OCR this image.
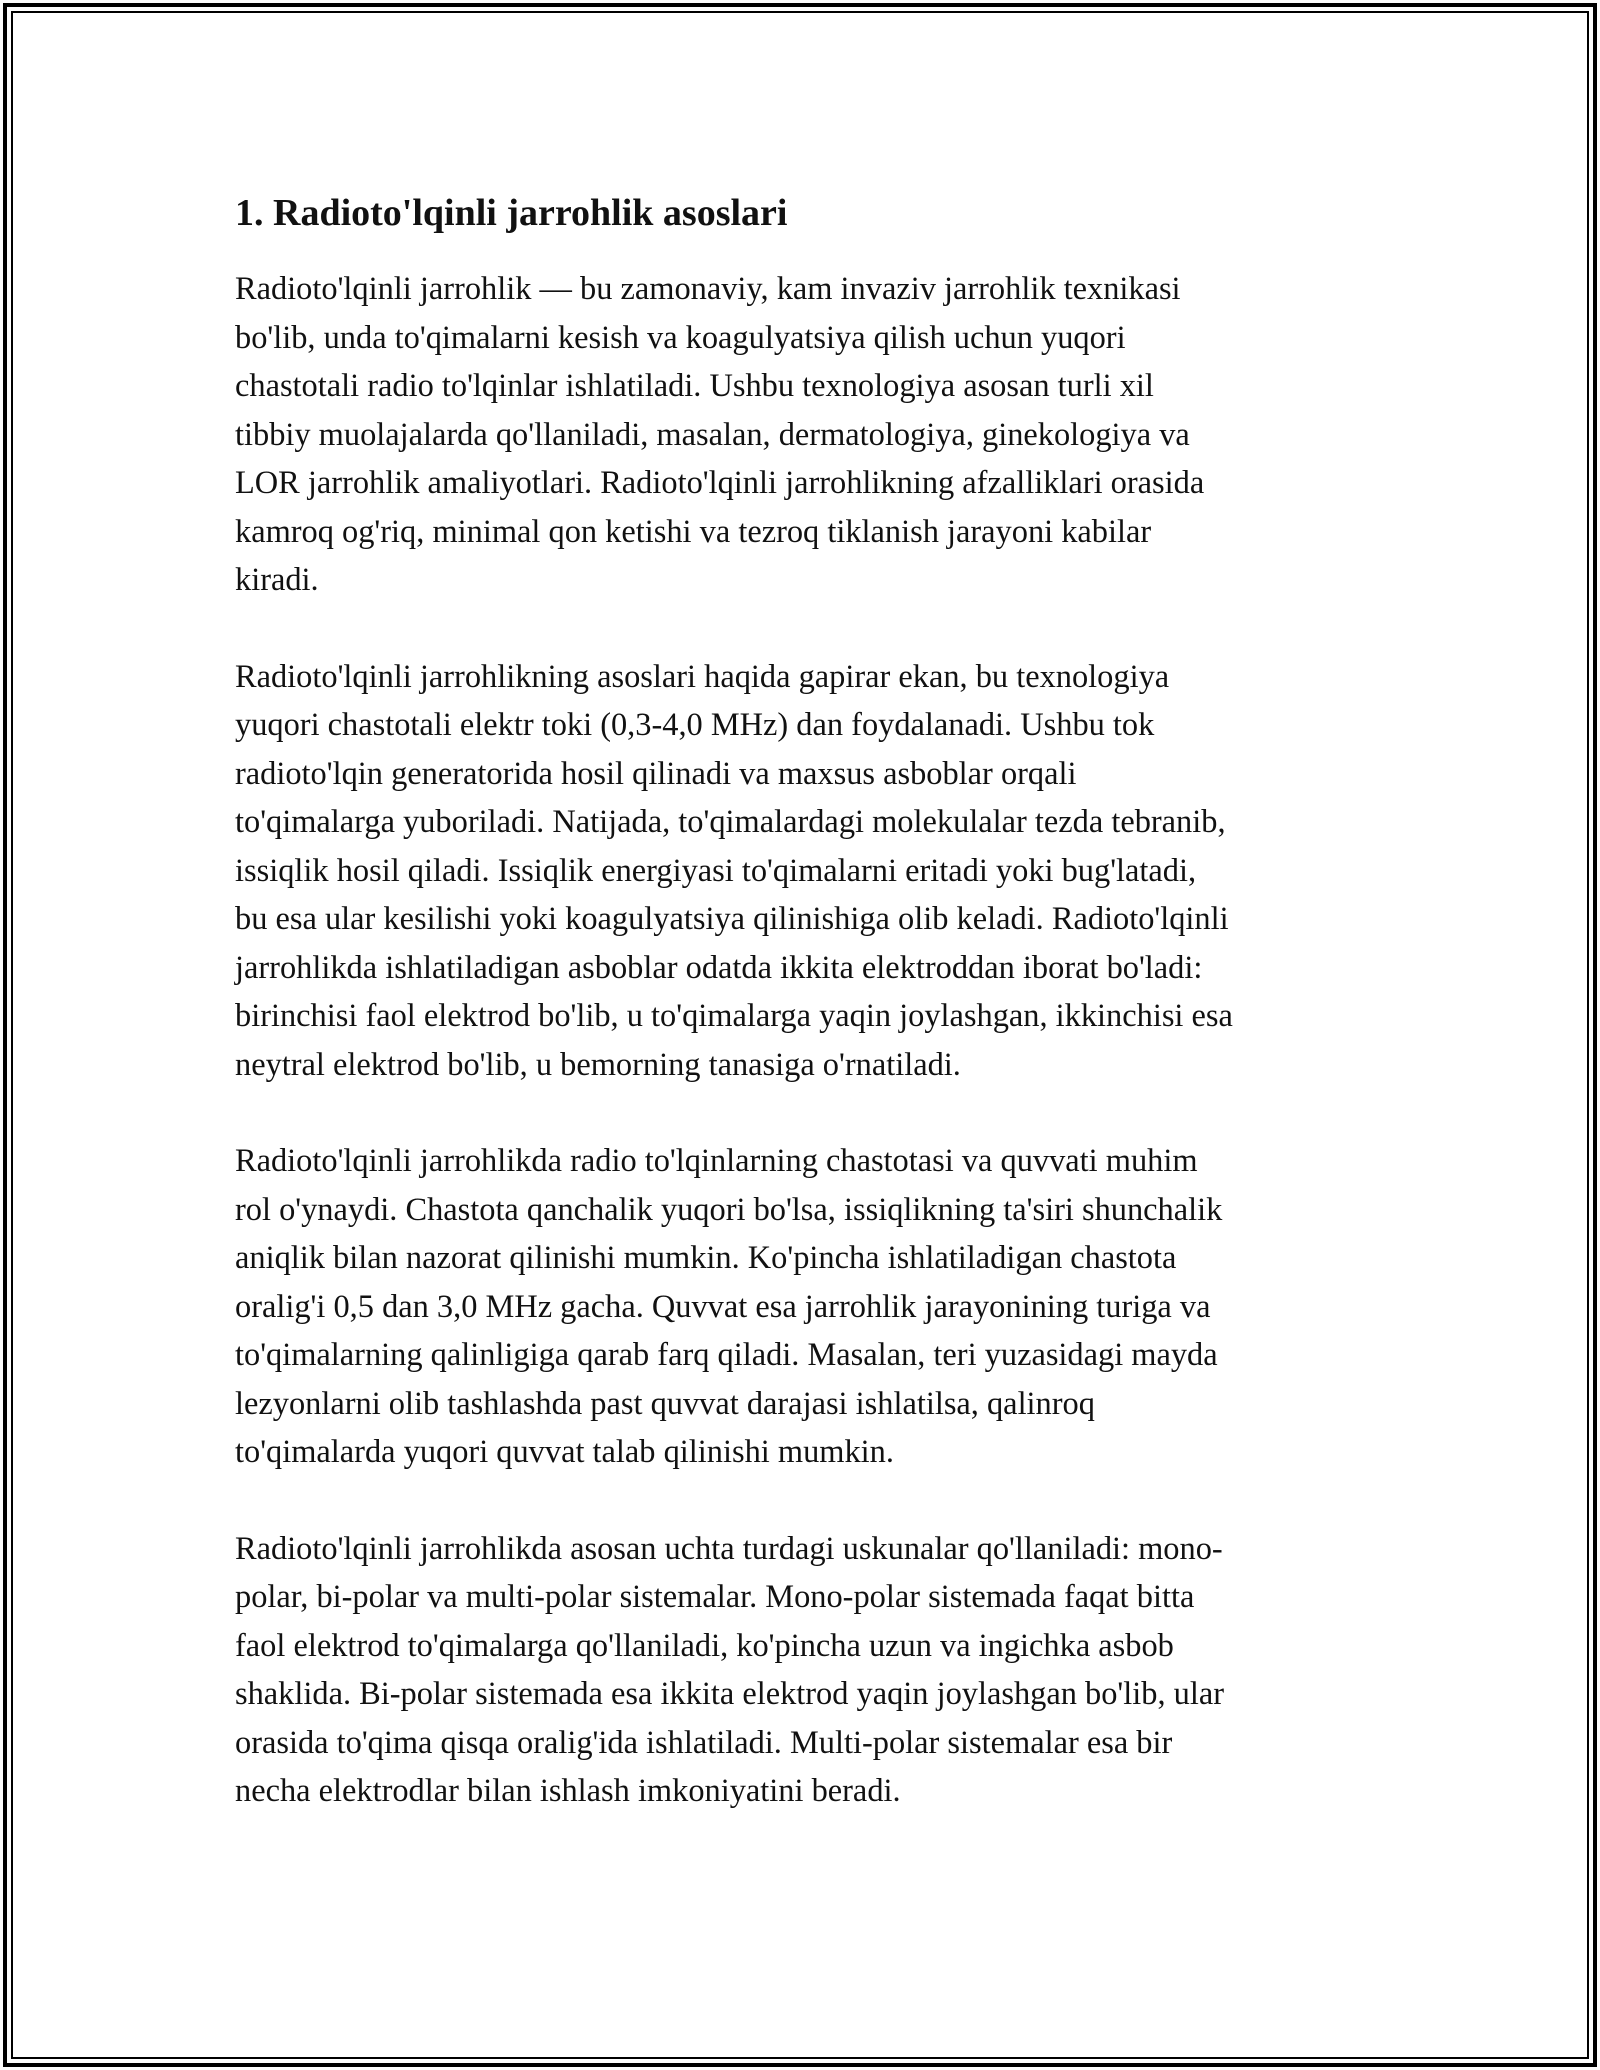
1. Radioto'lqinli jarrohlik asoslari

Radioto'lqinli jarrohlik — bu zamonaviy, kam invaziv jarrohlik texnikasi
bo'lib, unda to'qimalarni kesish va koagulyatsiya qilish uchun yuqori
chastotali radio to'lqinlar ishlatiladi. Ushbu texnologiya asosan turli xil
tibbiy muolajalarda qo'llaniladi, masalan, dermatologiya, ginekologiya va
LOR jarrohlik amaliyotlari. Radioto'lqinli jarrohlikning afzalliklari orasida
kamroq og'riq, minimal qon ketishi va tezroq tiklanish jarayoni kabilar
kiradi.

Radioto'lqinli jarrohlikning asoslari haqida gapirar ekan, bu texnologiya
yuqori chastotali elektr toki (0,3-4,0 MHz) dan foydalanadi. Ushbu tok
radioto'lqin generatorida hosil qilinadi va maxsus asboblar orqali
to'qimalarga yuboriladi. Natijada, to'qimalardagi molekulalar tezda tebranib,
issiqlik hosil qiladi. Issiqlik energiyasi to'qimalarni eritadi yoki bug'latadi,
bu esa ular kesilishi yoki koagulyatsiya qilinishiga olib keladi. Radioto'lqinli
jarrohlikda ishlatiladigan asboblar odatda ikkita elektroddan iborat bo'ladi:
birinchisi faol elektrod bo'lib, u to'qimalarga yaqin joylashgan, ikkinchisi esa
neytral elektrod bo'lib, u bemorning tanasiga o'rnatiladi.

Radioto'lqinli jarrohlikda radio to'lqinlarning chastotasi va quvvati muhim
rol o'ynaydi. Chastota qanchalik yuqori bo'lsa, issiqlikning ta'siri shunchalik
aniqlik bilan nazorat qilinishi mumkin. Ko'pincha ishlatiladigan chastota
oralig'i 0,5 dan 3,0 MHz gacha. Quvvat esa jarrohlik jarayonining turiga va
to'qimalarning qalinligiga qarab farq qiladi. Masalan, teri yuzasidagi mayda
lezyonlarni olib tashlashda past quvvat darajasi ishlatilsa, qalinroq
to'qimalarda yuqori quvvat talab qilinishi mumkin.

Radioto'lqinli jarrohlikda asosan uchta turdagi uskunalar qo'llaniladi: mono-
polar, bi-polar va multi-polar sistemalar. Mono-polar sistemada faqat bitta
faol elektrod to'qimalarga qo'llaniladi, ko'pincha uzun va ingichka asbob
shaklida. Bi-polar sistemada esa ikkita elektrod yaqin joylashgan bo'lib, ular
orasida to'qima qisqa oralig'ida ishlatiladi. Multi-polar sistemalar esa bir
necha elektrodlar bilan ishlash imkoniyatini beradi.
